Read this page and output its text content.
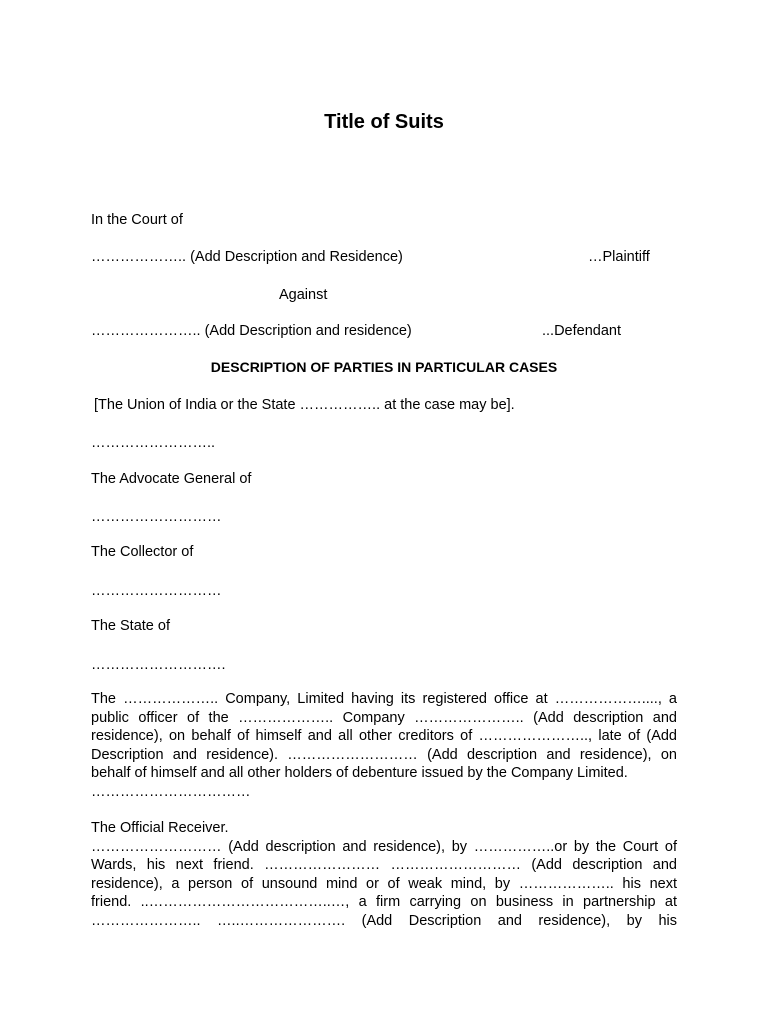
Title of Suits
In the Court of
……………….. (Add Description and Residence)	…Plaintiff
Against
………………….. (Add Description and residence)	...Defendant
DESCRIPTION OF PARTIES IN PARTICULAR CASES
[The Union of India or the State …………….. at the case may be].
……………………..
The Advocate General of
………………………
The Collector of
………………………
The State of
……………………….
The ……………….. Company, Limited having its registered office at ………………...., a
public officer of the ……………….. Company ………………….. (Add description and
residence), on behalf of himself and all other creditors of ………………….., late of (Add
Description and residence). ……………………… (Add description and residence), on
behalf of himself and all other holders of debenture issued by the Company Limited.
……………………………
The Official Receiver.
……………………… (Add description and residence), by ……………..or by the Court of
Wards, his next friend. …………………… ……………………… (Add description and
residence), a person of unsound mind or of weak mind, by ……………….. his next
friend. ..………………………………..…, a firm carrying on business in partnership at
………………….. …..…………………. (Add Description and residence), by his
